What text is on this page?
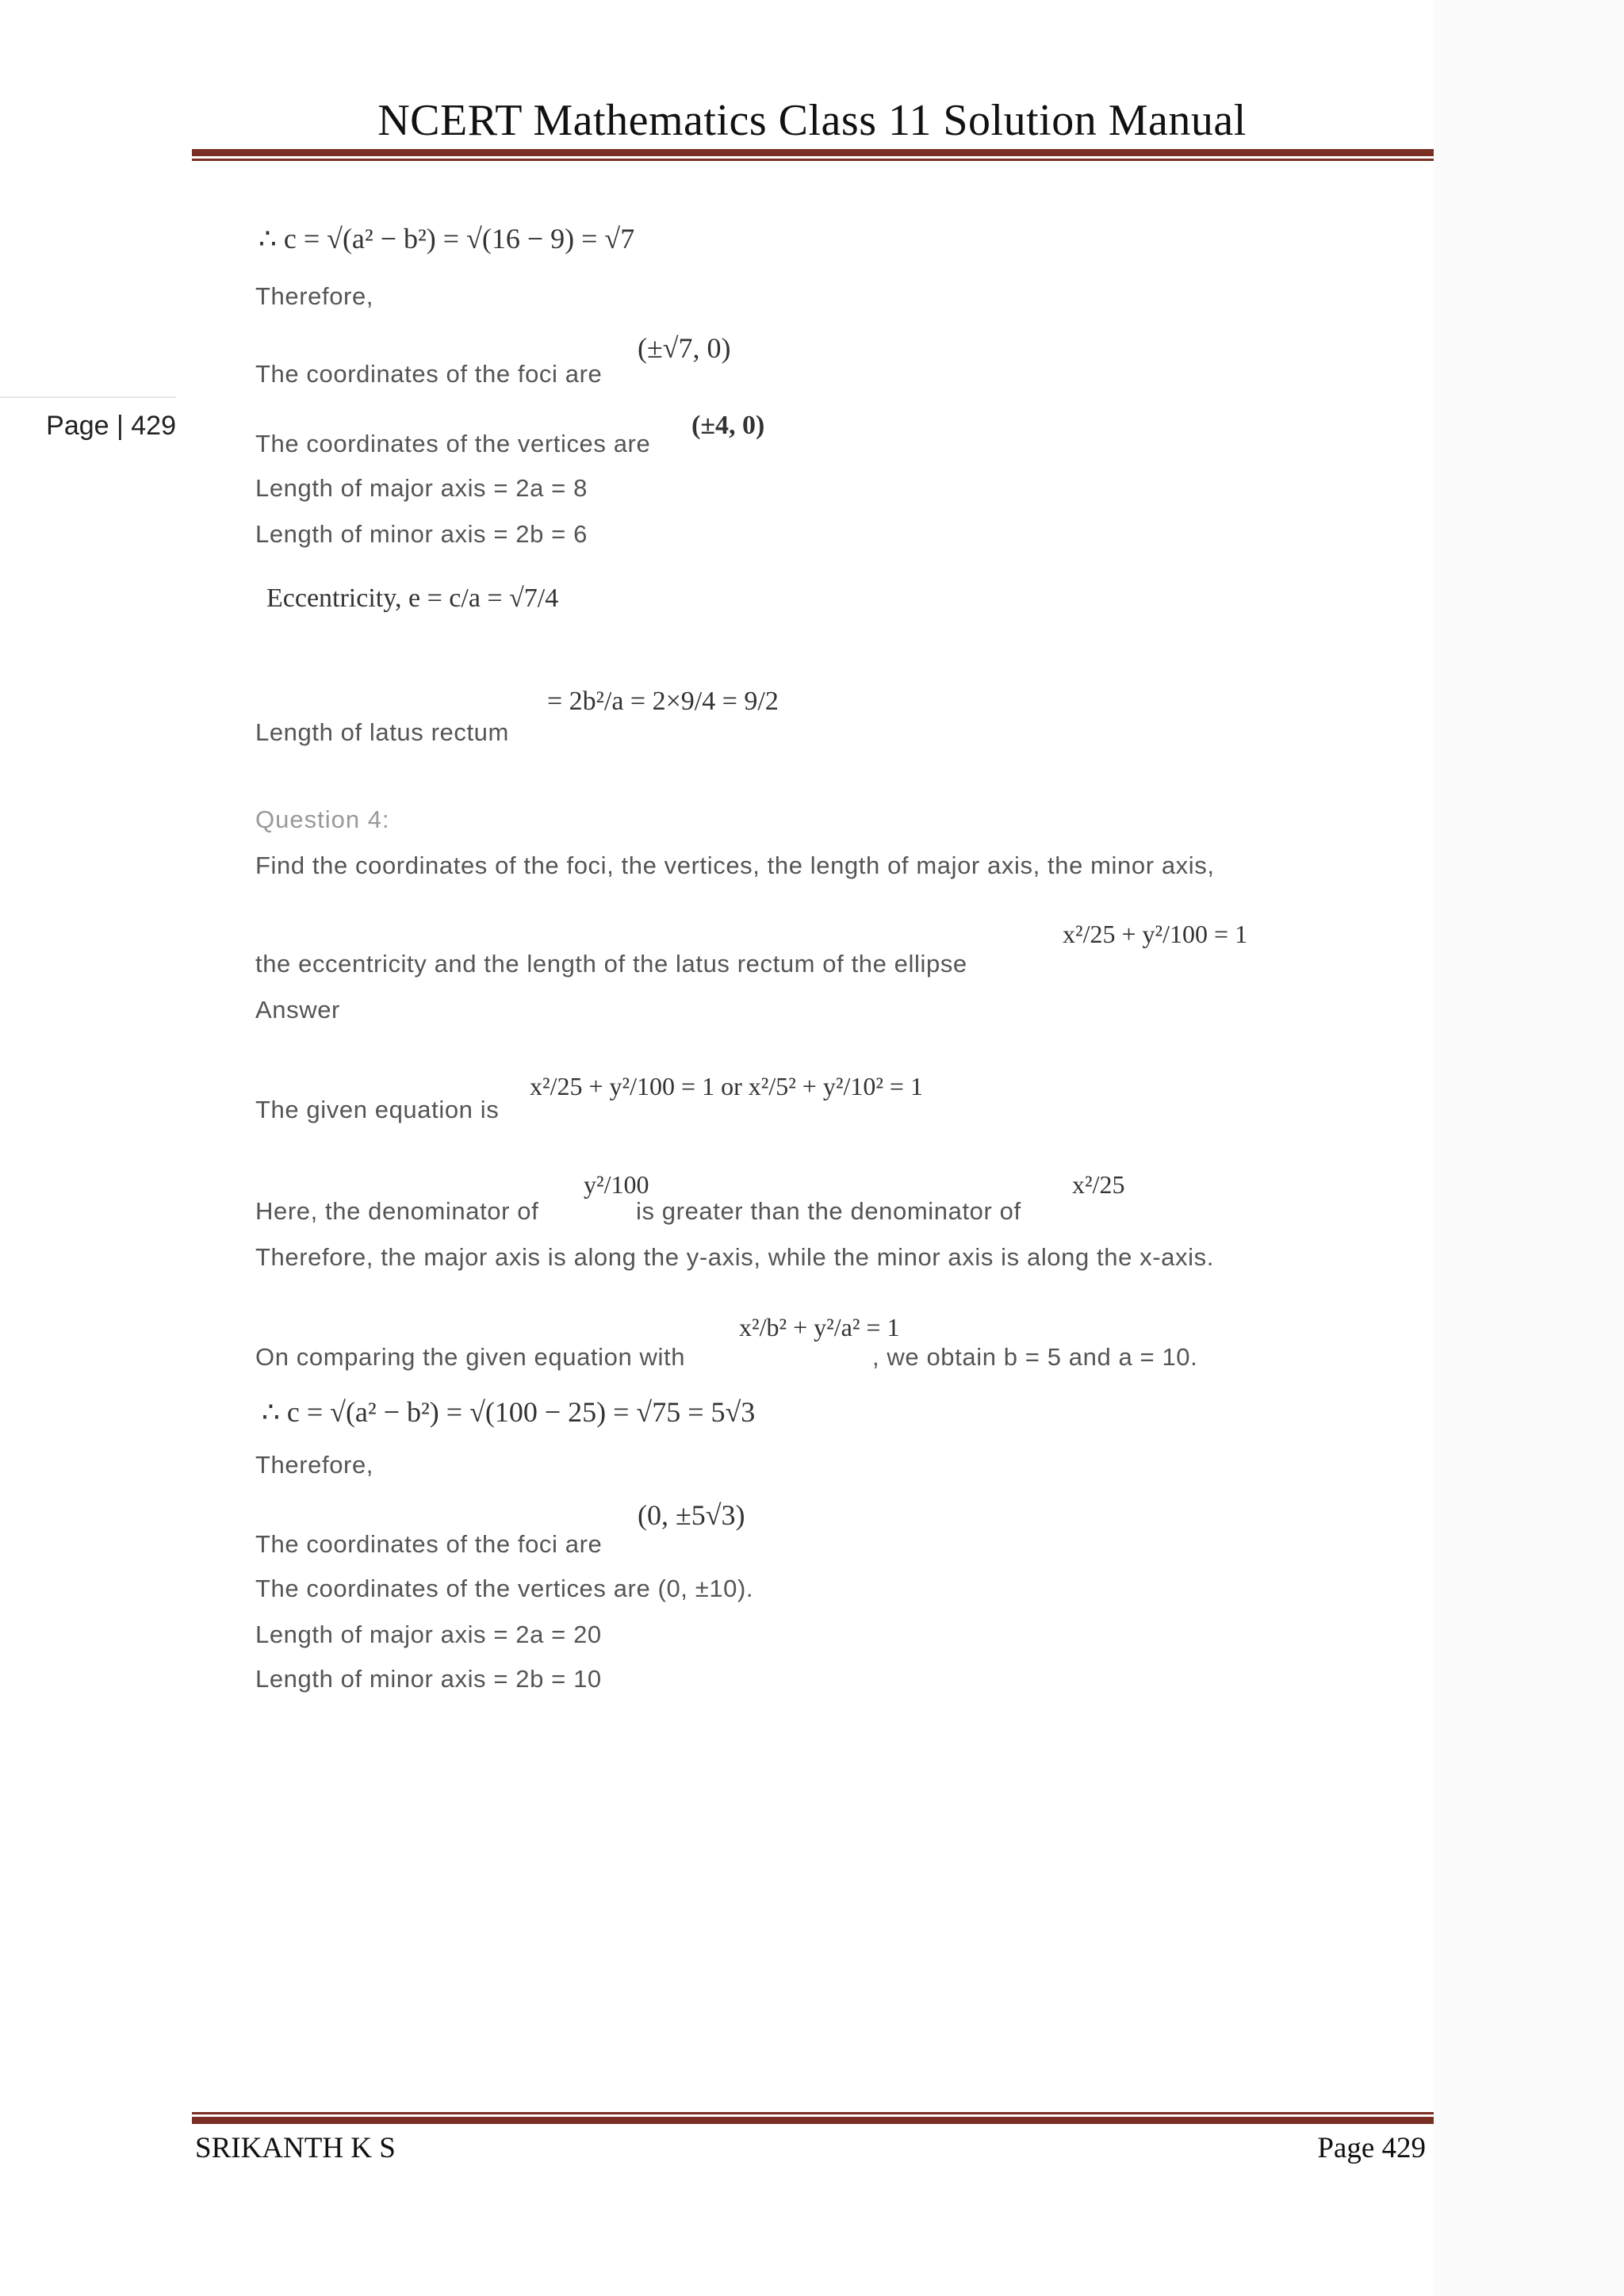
NCERT Mathematics Class 11 Solution Manual
Page | 429
∴ c = √(a² − b²) = √(16 − 9) = √7
Therefore,
The coordinates of the foci are
(±√7, 0)
The coordinates of the vertices are
(±4, 0)
Length of major axis = 2a = 8
Length of minor axis = 2b = 6
Eccentricity, e = c/a = √7/4
Length of latus rectum
= 2b²/a = 2×9/4 = 9/2
Question 4:
Find the coordinates of the foci, the vertices, the length of major axis, the minor axis,
the eccentricity and the length of the latus rectum of the ellipse
x²/25 + y²/100 = 1
Answer
The given equation is
x²/25 + y²/100 = 1 or x²/5² + y²/10² = 1
Here, the denominator of
y²/100
is greater than the denominator of
x²/25
Therefore, the major axis is along the y-axis, while the minor axis is along the x-axis.
On comparing the given equation with
x²/b² + y²/a² = 1
, we obtain b = 5 and a = 10.
∴ c = √(a² − b²) = √(100 − 25) = √75 = 5√3
Therefore,
The coordinates of the foci are
(0, ±5√3)
The coordinates of the vertices are (0, ±10).
Length of major axis = 2a = 20
Length of minor axis = 2b = 10
SRIKANTH K S	Page 429
